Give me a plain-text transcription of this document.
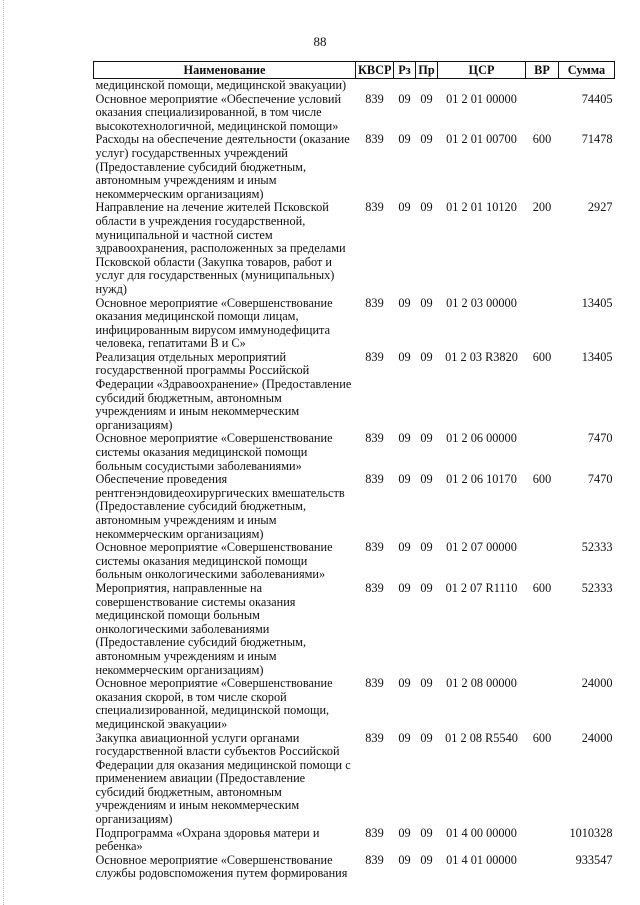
88
Наименование	КВСР	Рз	Пр	ЦСР	ВР	Сумма
медицинской помощи, медицинской эвакуации)						
Основное мероприятие «Обеспечение условий оказания специализированной, в том числе высокотехнологичной, медицинской помощи»	839	09	09	01 2 01 00000		74405
Расходы на обеспечение деятельности (оказание услуг) государственных учреждений (Предоставление субсидий бюджетным, автономным учреждениям и иным некоммерческим организациям)	839	09	09	01 2 01 00700	600	71478
Направление на лечение жителей Псковской области в учреждения государственной, муниципальной и частной систем здравоохранения, расположенных за пределами Псковской области (Закупка товаров, работ и услуг для государственных (муниципальных) нужд)	839	09	09	01 2 01 10120	200	2927
Основное мероприятие «Совершенствование оказания медицинской помощи лицам, инфицированным вирусом иммунодефицита человека, гепатитами В и С»	839	09	09	01 2 03 00000		13405
Реализация отдельных мероприятий государственной программы Российской Федерации «Здравоохранение» (Предоставление субсидий бюджетным, автономным учреждениям и иным некоммерческим организациям)	839	09	09	01 2 03 R3820	600	13405
Основное мероприятие «Совершенствование системы оказания медицинской помощи больным сосудистыми заболеваниями»	839	09	09	01 2 06 00000		7470
Обеспечение проведения рентгенэндовидеохирургических вмешательств (Предоставление субсидий бюджетным, автономным учреждениям и иным некоммерческим организациям)	839	09	09	01 2 06 10170	600	7470
Основное мероприятие «Совершенствование системы оказания медицинской помощи больным онкологическими заболеваниями»	839	09	09	01 2 07 00000		52333
Мероприятия, направленные на совершенствование системы оказания медицинской помощи больным онкологическими заболеваниями (Предоставление субсидий бюджетным, автономным учреждениям и иным некоммерческим организациям)	839	09	09	01 2 07 R1110	600	52333
Основное мероприятие «Совершенствование оказания скорой, в том числе скорой специализированной, медицинской помощи, медицинской эвакуации»	839	09	09	01 2 08 00000		24000
Закупка авиационной услуги органами государственной власти субъектов Российской Федерации для оказания медицинской помощи с применением авиации (Предоставление субсидий бюджетным, автономным учреждениям и иным некоммерческим организациям)	839	09	09	01 2 08 R5540	600	24000
Подпрограмма «Охрана здоровья матери и ребенка»	839	09	09	01 4 00 00000		1010328
Основное мероприятие «Совершенствование службы родовспоможения путем формирования	839	09	09	01 4 01 00000		933547
